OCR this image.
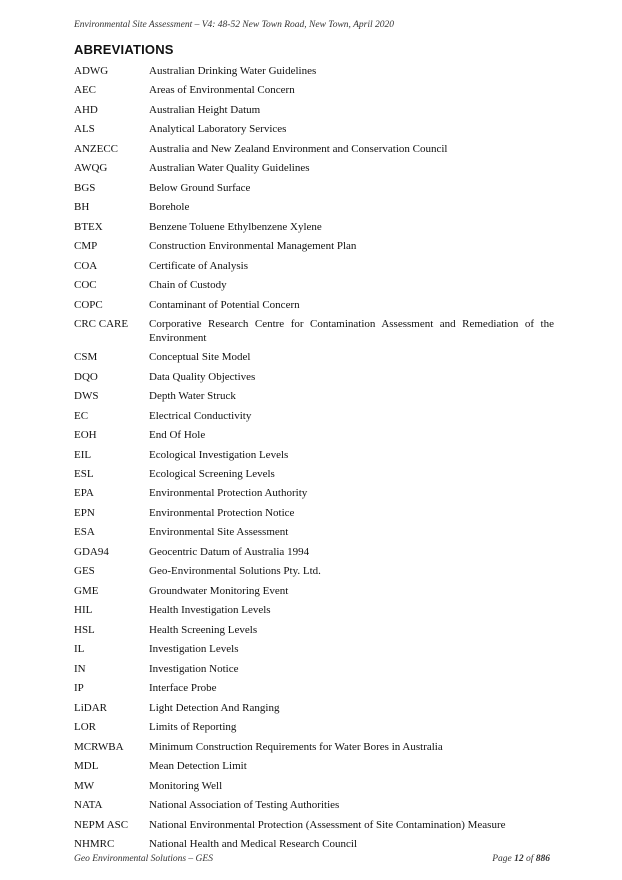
Environmental Site Assessment – V4: 48-52 New Town Road, New Town, April 2020
ABREVIATIONS
ADWG	Australian Drinking Water Guidelines
AEC	Areas of Environmental Concern
AHD	Australian Height Datum
ALS	Analytical Laboratory Services
ANZECC	Australia and New Zealand Environment and Conservation Council
AWQG	Australian Water Quality Guidelines
BGS	Below Ground Surface
BH	Borehole
BTEX	Benzene Toluene Ethylbenzene Xylene
CMP	Construction Environmental Management Plan
COA	Certificate of Analysis
COC	Chain of Custody
COPC	Contaminant of Potential Concern
CRC CARE	Corporative Research Centre for Contamination Assessment and Remediation of the Environment
CSM	Conceptual Site Model
DQO	Data Quality Objectives
DWS	Depth Water Struck
EC	Electrical Conductivity
EOH	End Of Hole
EIL	Ecological Investigation Levels
ESL	Ecological Screening Levels
EPA	Environmental Protection Authority
EPN	Environmental Protection Notice
ESA	Environmental Site Assessment
GDA94	Geocentric Datum of Australia 1994
GES	Geo-Environmental Solutions Pty. Ltd.
GME	Groundwater Monitoring Event
HIL	Health Investigation Levels
HSL	Health Screening Levels
IL	Investigation Levels
IN	Investigation Notice
IP	Interface Probe
LiDAR	Light Detection And Ranging
LOR	Limits of Reporting
MCRWBA	Minimum Construction Requirements for Water Bores in Australia
MDL	Mean Detection Limit
MW	Monitoring Well
NATA	National Association of Testing Authorities
NEPM ASC	National Environmental Protection (Assessment of Site Contamination) Measure
NHMRC	National Health and Medical Research Council
Geo Environmental Solutions – GES	Page 12 of 886
